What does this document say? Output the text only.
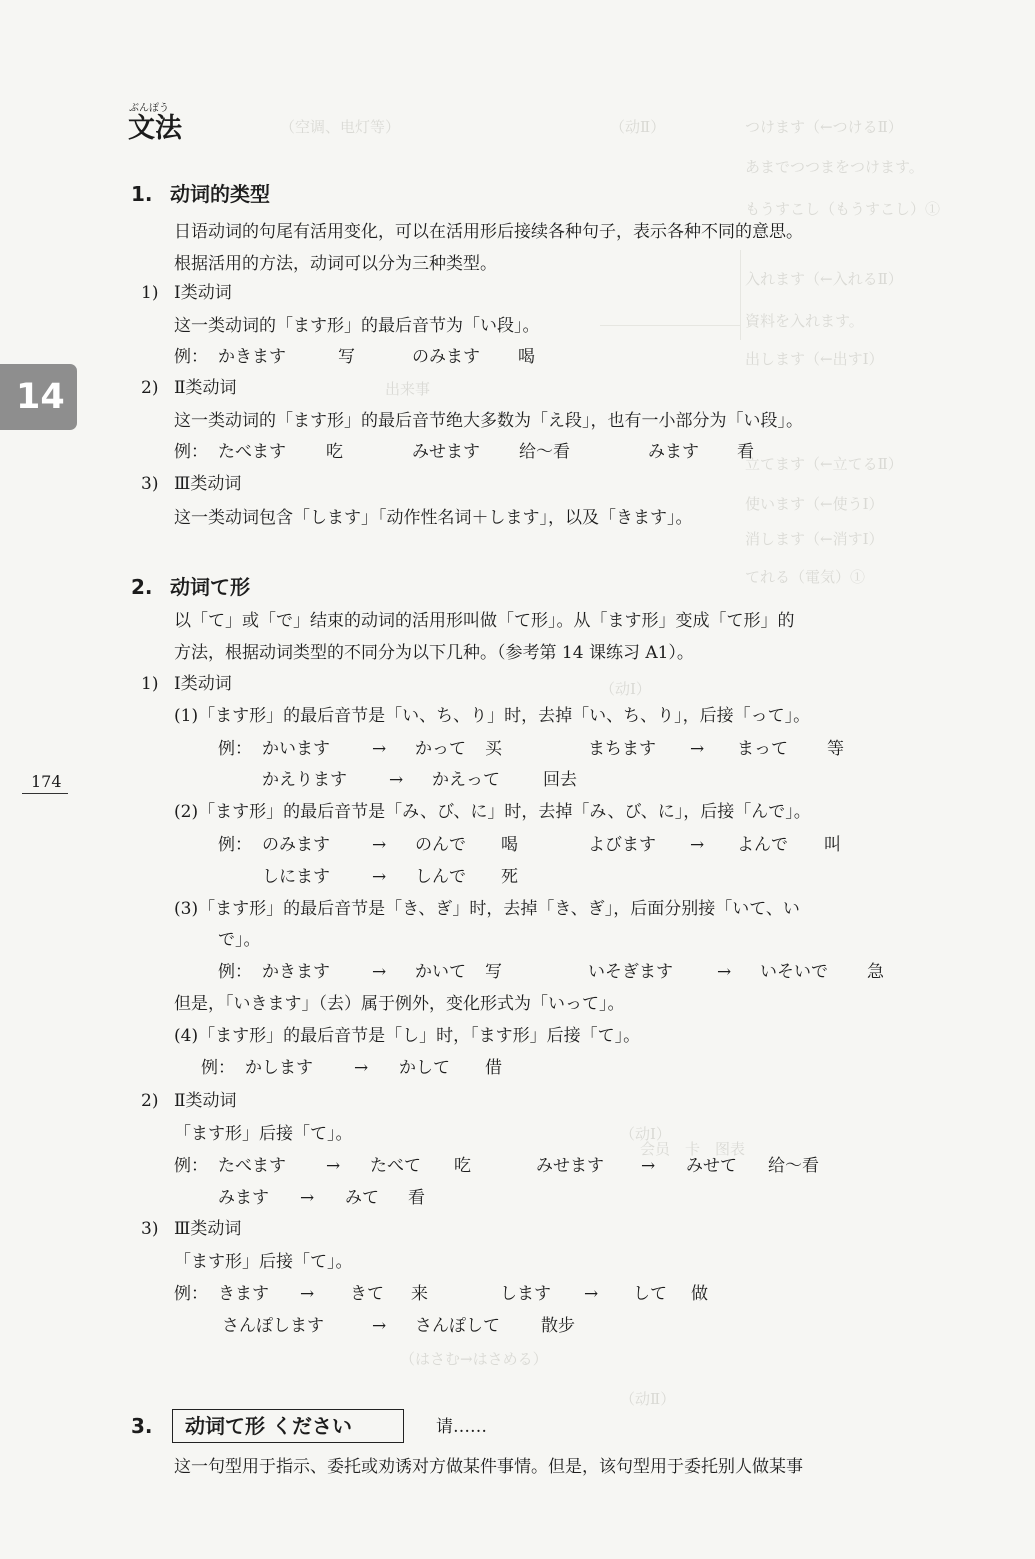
つけます（←つけるⅡ）
あまでつつまをつけます。
もうすこし（もうすこし）①
入れます（←入れるⅡ）
資料を入れます。
出します（←出すⅠ）
立てます（←立てるⅡ）
使います（←使うⅠ）
消します（←消すⅠ）
てれる（電気）①
（空调、电灯等）	（动Ⅱ）
出来事
（动Ⅰ）
（动Ⅰ）
会员　卡　图表
（はさむ→はさめる）
（动Ⅱ）
ぶんぽう
文法
14
174
1. 动词的类型
日语动词的句尾有活用变化，可以在活用形后接续各种句子，表示各种不同的意思。
根据活用的方法，动词可以分为三种类型。
1) Ⅰ类动词
这一类动词的「ます形」的最后音节为「い段」。
例： かきます	写	のみます 喝
2) Ⅱ类动词
这一类动词的「ます形」的最后音节绝大多数为「え段」，也有一小部分为「い段」。
例： たべます 吃	みせます 给～看	みます 看
3) Ⅲ类动词
这一类动词包含「します」「动作性名词＋します」，以及「きます」。
2. 动词て形
以「て」或「で」结束的动词的活用形叫做「て形」。从「ます形」变成「て形」的
方法，根据动词类型的不同分为以下几种。（参考第 14 课练习 A1）。
1) Ⅰ类动词
(1)「ます形」的最后音节是「い、ち、り」时，去掉「い、ち、り」，后接「って」。
例： かいます → かって 买	まちます → まって 等
かえります → かえって	回去
(2)「ます形」的最后音节是「み、び、に」时，去掉「み、び、に」，后接「んで」。
例： のみます → のんで 喝	よびます → よんで 叫
しにます → しんで 死
(3)「ます形」的最后音节是「き、ぎ」时，去掉「き、ぎ」，后面分别接「いて、い
で」。
例： かきます → かいて 写	いそぎます	→ いそいで 急
但是，「いきます」（去）属于例外，变化形式为「いって」。
(4)「ます形」的最后音节是「し」时，「ます形」后接「て」。
例： かします → かして 借
2) Ⅱ类动词
「ます形」后接「て」。
例： たべます → たべて 吃	みせます → みせて 给～看
みます → みて 看
3) Ⅲ类动词
「ます形」后接「て」。
例： きます → きて 来	します → して 做
さんぽします	→ さんぽして 散步
3. 动词て形 ください	请……
这一句型用于指示、委托或劝诱对方做某件事情。但是，该句型用于委托别人做某事
